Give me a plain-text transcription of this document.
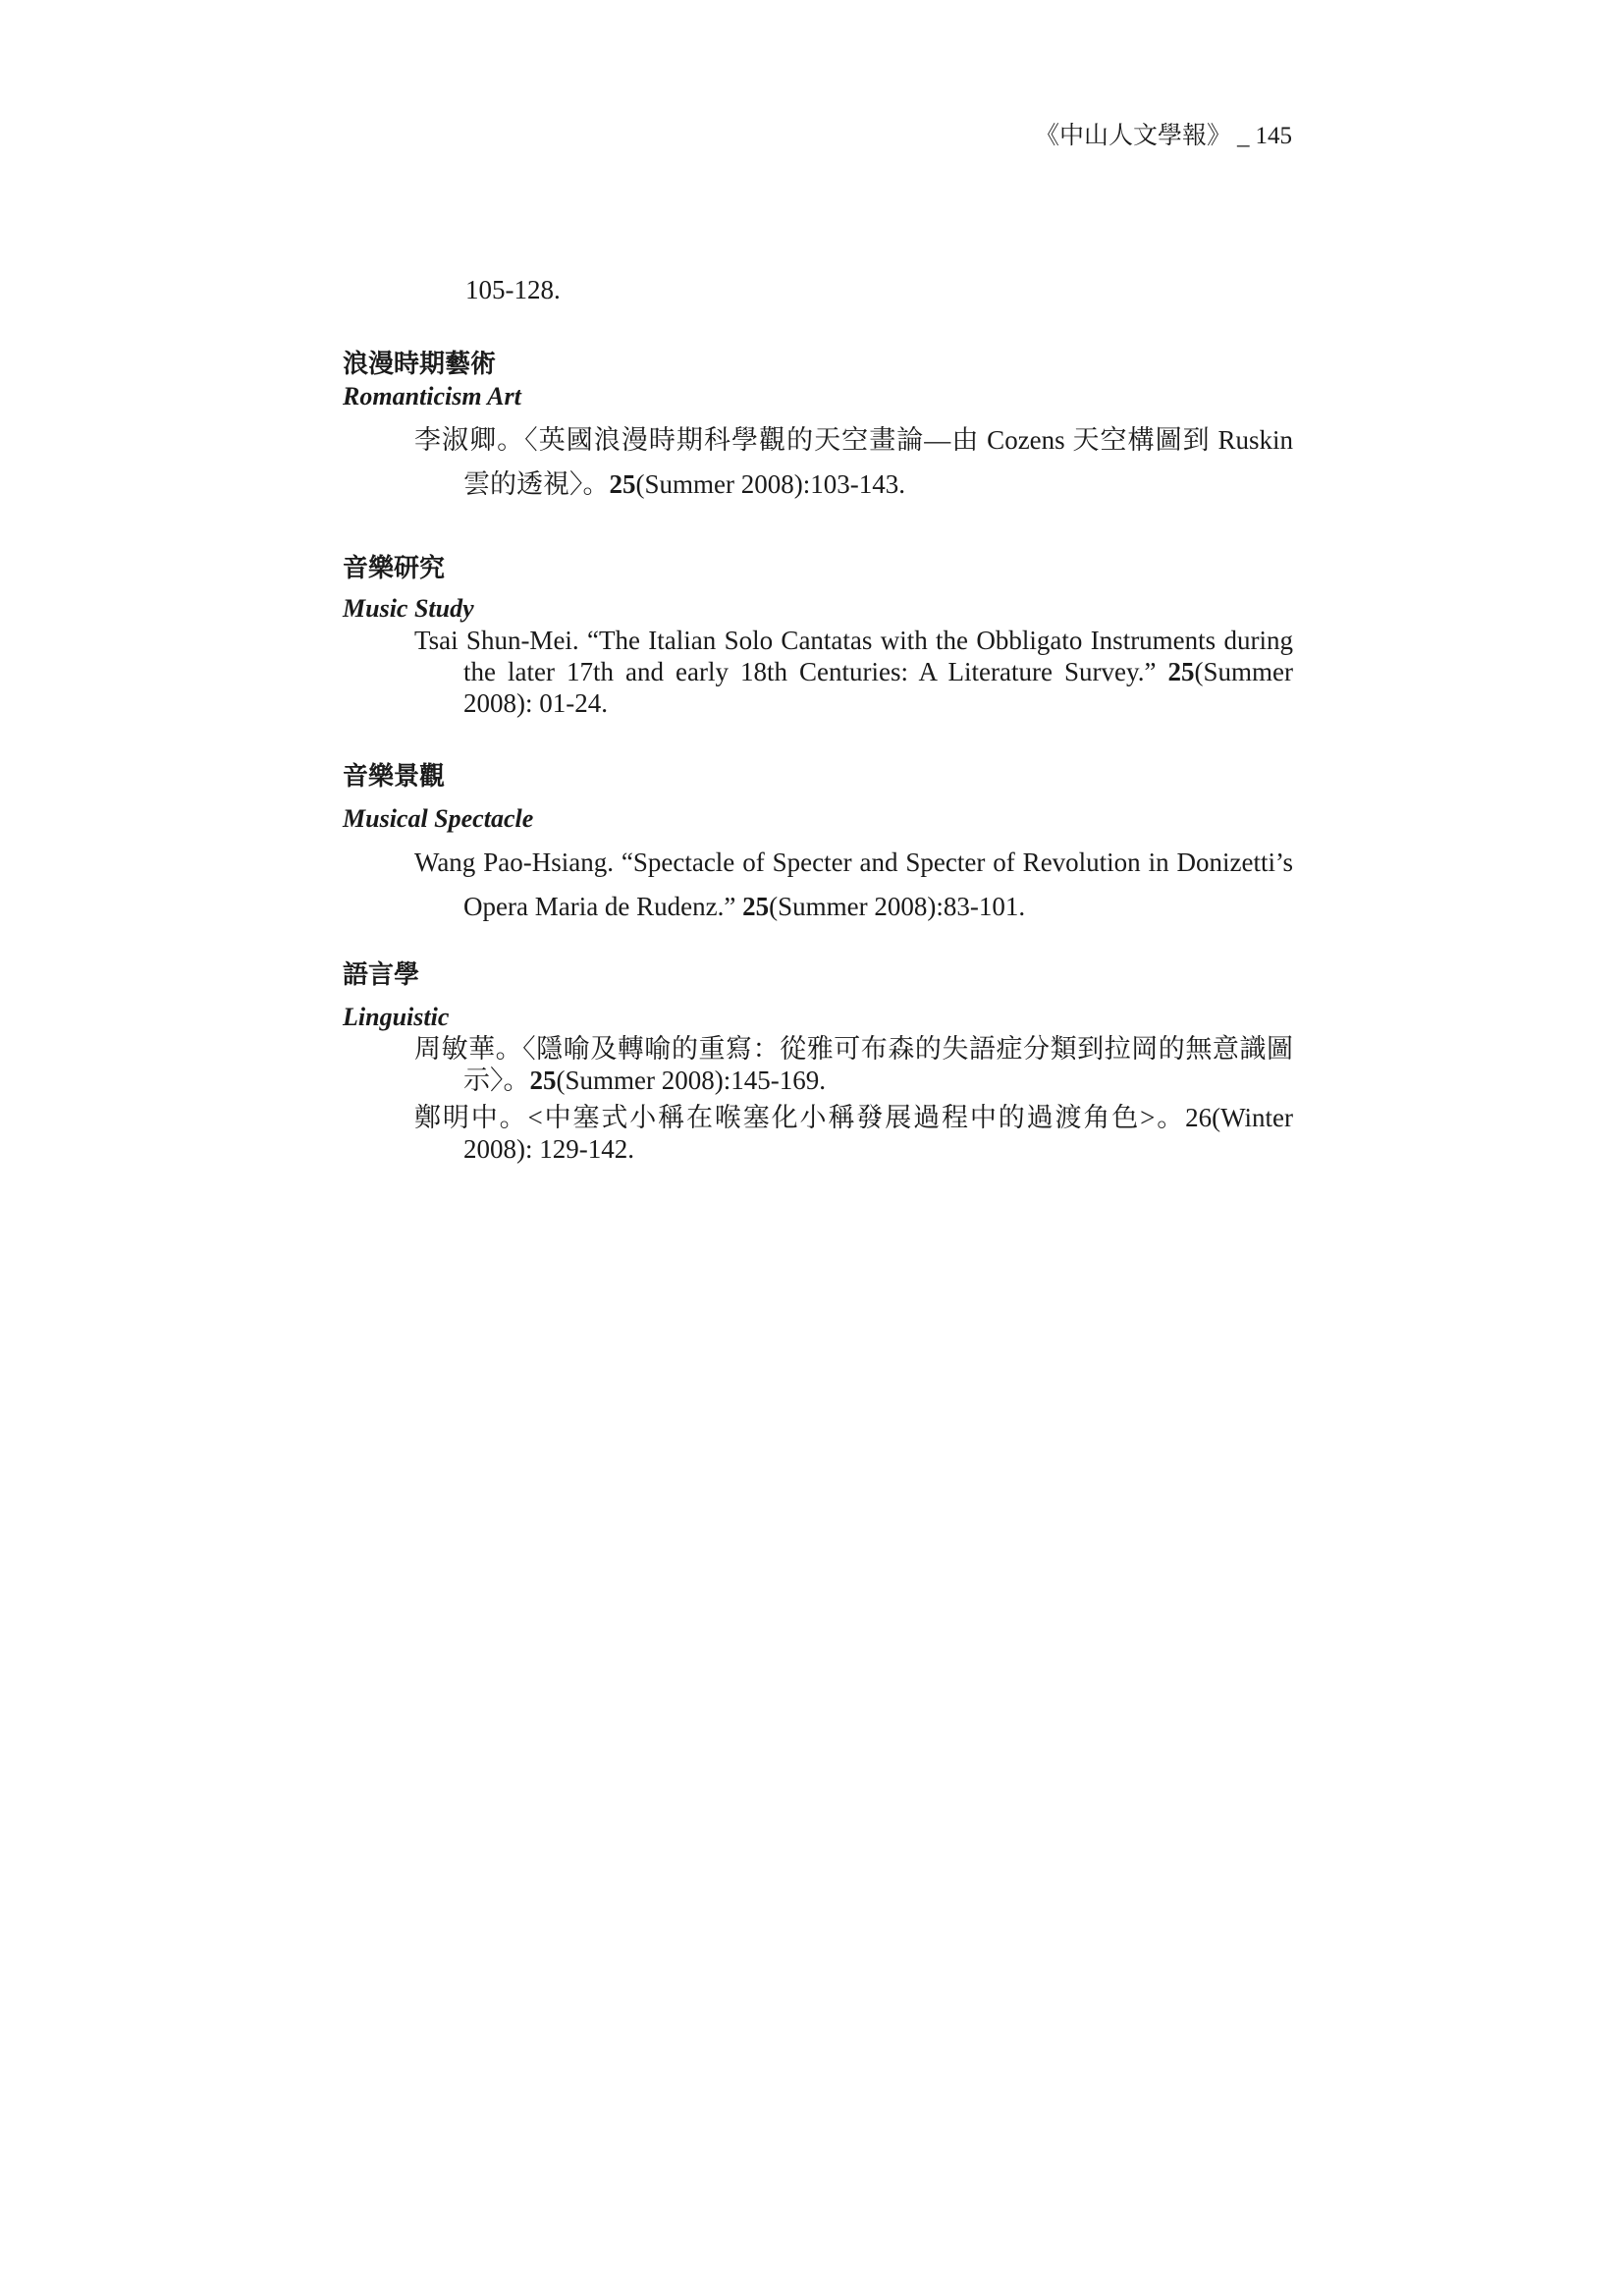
《中山人文學報》 _ 145
105-128.
浪漫時期藝術
Romanticism Art

李淑卿。〈英國浪漫時期科學觀的天空畫論—由 Cozens 天空構圖到 Ruskin 雲的透視〉。25(Summer 2008):103-143.

音樂研究
Music Study

Tsai Shun-Mei. “The Italian Solo Cantatas with the Obbligato Instruments during the later 17th and early 18th Centuries: A Literature Survey.” 25(Summer 2008): 01-24.

音樂景觀
Musical Spectacle

Wang Pao-Hsiang. “Spectacle of Specter and Specter of Revolution in Donizetti’s Opera Maria de Rudenz.” 25(Summer 2008):83-101.

語言學
Linguistic

周敏華。〈隱喻及轉喻的重寫：從雅可布森的失語症分類到拉岡的無意識圖示〉。25(Summer 2008):145-169.

鄭明中。<中塞式小稱在喉塞化小稱發展過程中的過渡角色>。26(Winter 2008): 129-142.
